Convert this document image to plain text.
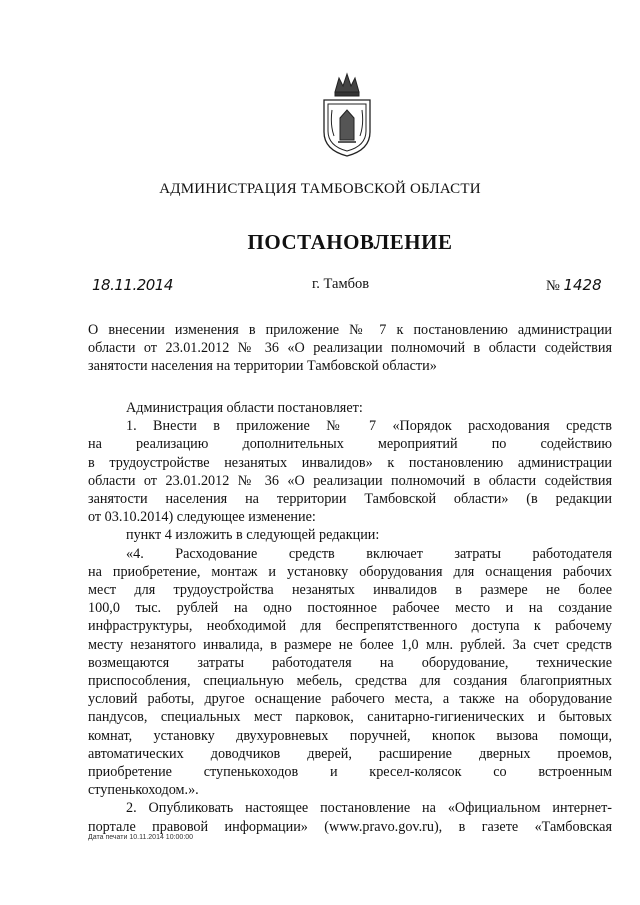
АДМИНИСТРАЦИЯ ТАМБОВСКОЙ ОБЛАСТИ
ПОСТАНОВЛЕНИЕ
18.11.2014	г. Тамбов	№ 1428

О внесении изменения в приложение № 7 к постановлению администрации

области от 23.01.2012 № 36 «О реализации полномочий в области содействия

занятости населения на территории Тамбовской области»

Администрация области постановляет:

1. Внести в приложение № 7 «Порядок расходования средств

на реализацию дополнительных мероприятий по содействию

в трудоустройстве незанятых инвалидов» к постановлению администрации

области от 23.01.2012 № 36 «О реализации полномочий в области содействия

занятости населения на территории Тамбовской области» (в редакции

от 03.10.2014) следующее изменение:

пункт 4 изложить в следующей редакции:

«4. Расходование средств включает затраты работодателя

на приобретение, монтаж и установку оборудования для оснащения рабочих

мест для трудоустройства незанятых инвалидов в размере не более

100,0 тыс. рублей на одно постоянное рабочее место и на создание

инфраструктуры, необходимой для беспрепятственного доступа к рабочему

месту незанятого инвалида, в размере не более 1,0 млн. рублей. За счет средств

возмещаются затраты работодателя на оборудование, технические

приспособления, специальную мебель, средства для создания благоприятных

условий работы, другое оснащение рабочего места, а также на оборудование

пандусов, специальных мест парковок, санитарно-гигиенических и бытовых

комнат, установку двухуровневых поручней, кнопок вызова помощи,

автоматических доводчиков дверей, расширение дверных проемов,

приобретение ступенькоходов и кресел-колясок со встроенным

ступенькоходом.».

2. Опубликовать настоящее постановление на «Официальном интернет-

портале правовой информации» (www.pravo.gov.ru), в газете «Тамбовская

Дата печати 10.11.2014 10:00:00
